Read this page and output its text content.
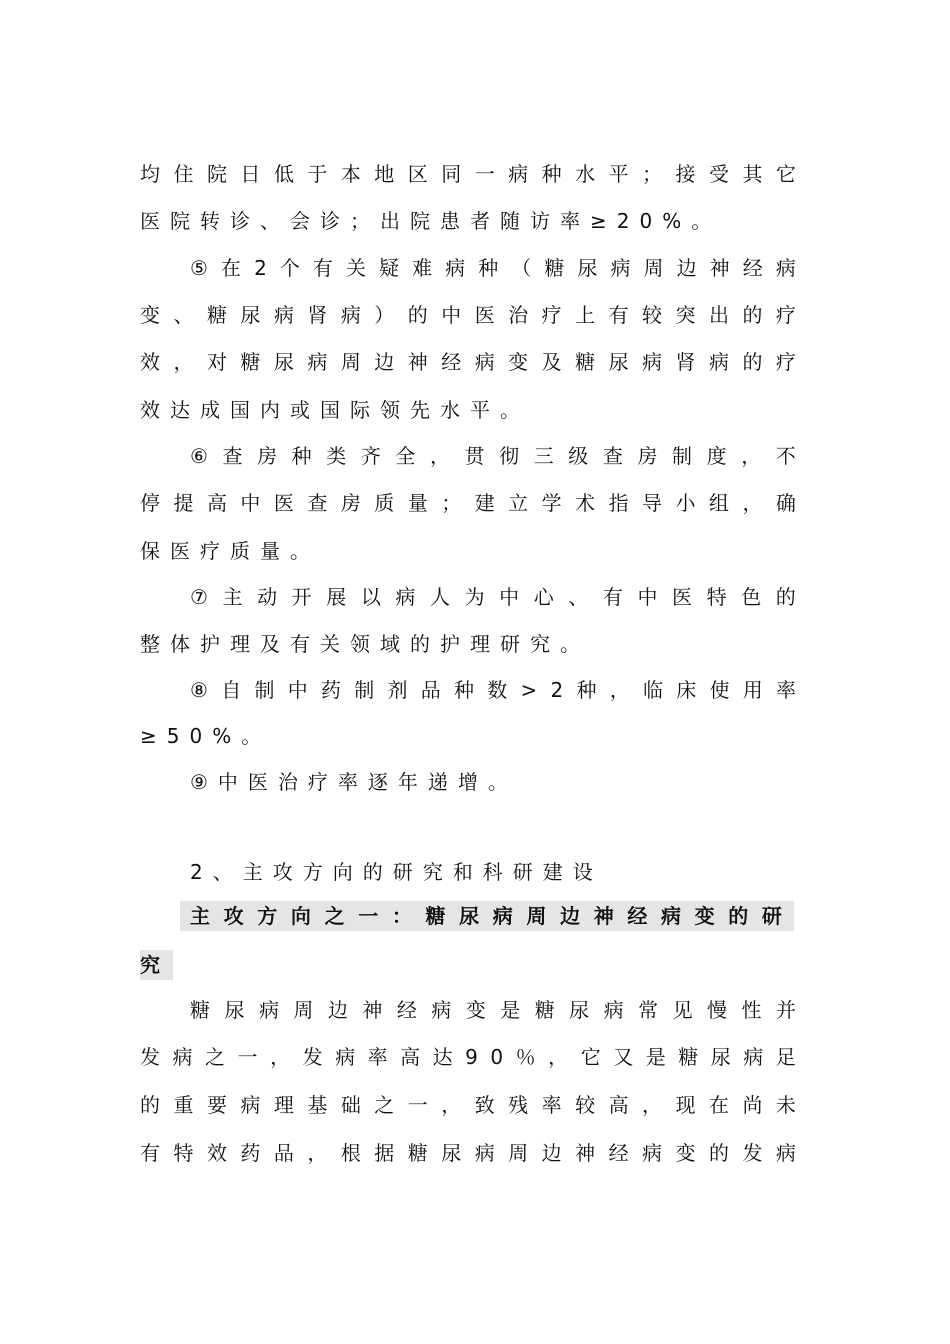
均 住 院 日 低 于 本 地 区 同 一 病 种 水 平 ； 接 受 其 它
医院转诊、会诊；出院患者随访率≥20%。
⑤ 在 2 个 有 关 疑 难 病 种 （ 糖 尿 病 周 边 神 经 病
变 、 糖 尿 病 肾 病 ） 的 中 医 治 疗 上 有 较 突 出 的 疗
效 ， 对 糖 尿 病 周 边 神 经 病 变 及 糖 尿 病 肾 病 的 疗
效达成国内或国际领先水平。
⑥ 查 房 种 类 齐 全 ， 贯 彻 三 级 查 房 制 度 ， 不
停 提 高 中 医 查 房 质 量 ； 建 立 学 术 指 导 小 组 ， 确
保医疗质量。
⑦ 主 动 开 展 以 病 人 为 中 心 、 有 中 医 特 色 的
整体护理及有关领域的护理研究。
⑧ 自 制 中 药 制 剂 品 种 数 > 2 种 ， 临 床 使 用 率
≥50%。
⑨中医治疗率逐年递增。
2、主攻方向的研究和科研建设
主 攻 方 向 之 一 ： 糖 尿 病 周 边 神 经 病 变 的 研
究
糖 尿 病 周 边 神 经 病 变 是 糖 尿 病 常 见 慢 性 并
发 病 之 一 ， 发 病 率 高 达 9 0 ％ ， 它 又 是 糖 尿 病 足
的 重 要 病 理 基 础 之 一 ， 致 残 率 较 高 ， 现 在 尚 未
有 特 效 药 品 ， 根 据 糖 尿 病 周 边 神 经 病 变 的 发 病
